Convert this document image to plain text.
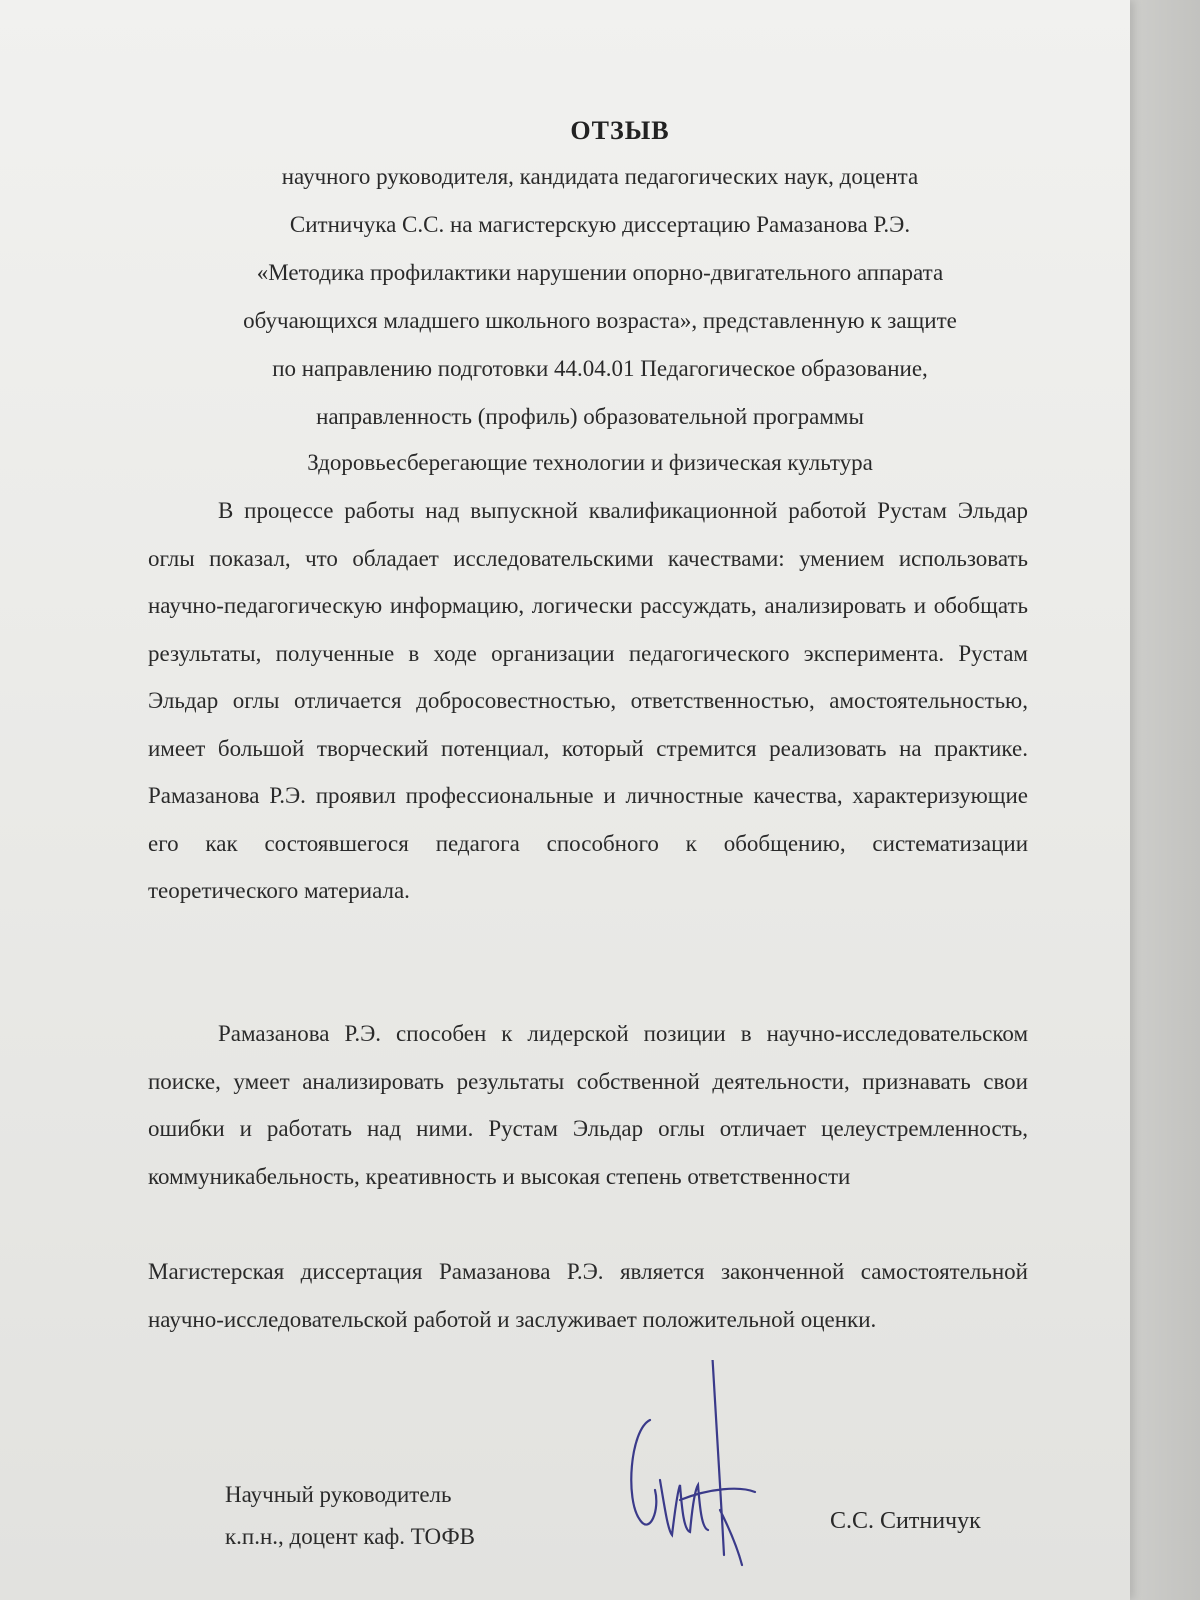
ОТЗЫВ
научного руководителя, кандидата педагогических наук, доцента
Ситничука С.С. на магистерскую диссертацию Рамазанова Р.Э.
«Методика профилактики нарушении опорно-двигательного аппарата
обучающихся младшего школьного возраста», представленную к защите
по направлению подготовки 44.04.01 Педагогическое образование,
направленность (профиль) образовательной программы
Здоровьесберегающие технологии и физическая культура
В процессе работы над выпускной квалификационной работой Рустам Эльдар оглы показал, что обладает исследовательскими качествами: умением использовать научно-педагогическую информацию, логически рассуждать, анализировать и обобщать результаты, полученные в ходе организации педагогического эксперимента. Рустам Эльдар оглы отличается добросовестностью, ответственностью, амостоятельностью, имеет большой творческий потенциал, который стремится реализовать на практике. Рамазанова Р.Э. проявил профессиональные и личностные качества, характеризующие его как состоявшегося педагога способного к обобщению, систематизации теоретического материала.
Рамазанова Р.Э. способен к лидерской позиции в научно-исследовательском поиске, умеет анализировать результаты собственной деятельности, признавать свои ошибки и работать над ними. Рустам Эльдар оглы отличает целеустремленность, коммуникабельность, креативность и высокая степень ответственности
Магистерская диссертация Рамазанова Р.Э. является законченной самостоятельной научно-исследовательской работой и заслуживает положительной оценки.
Научный руководитель
к.п.н., доцент каф. ТОФВ
С.С. Ситничук
